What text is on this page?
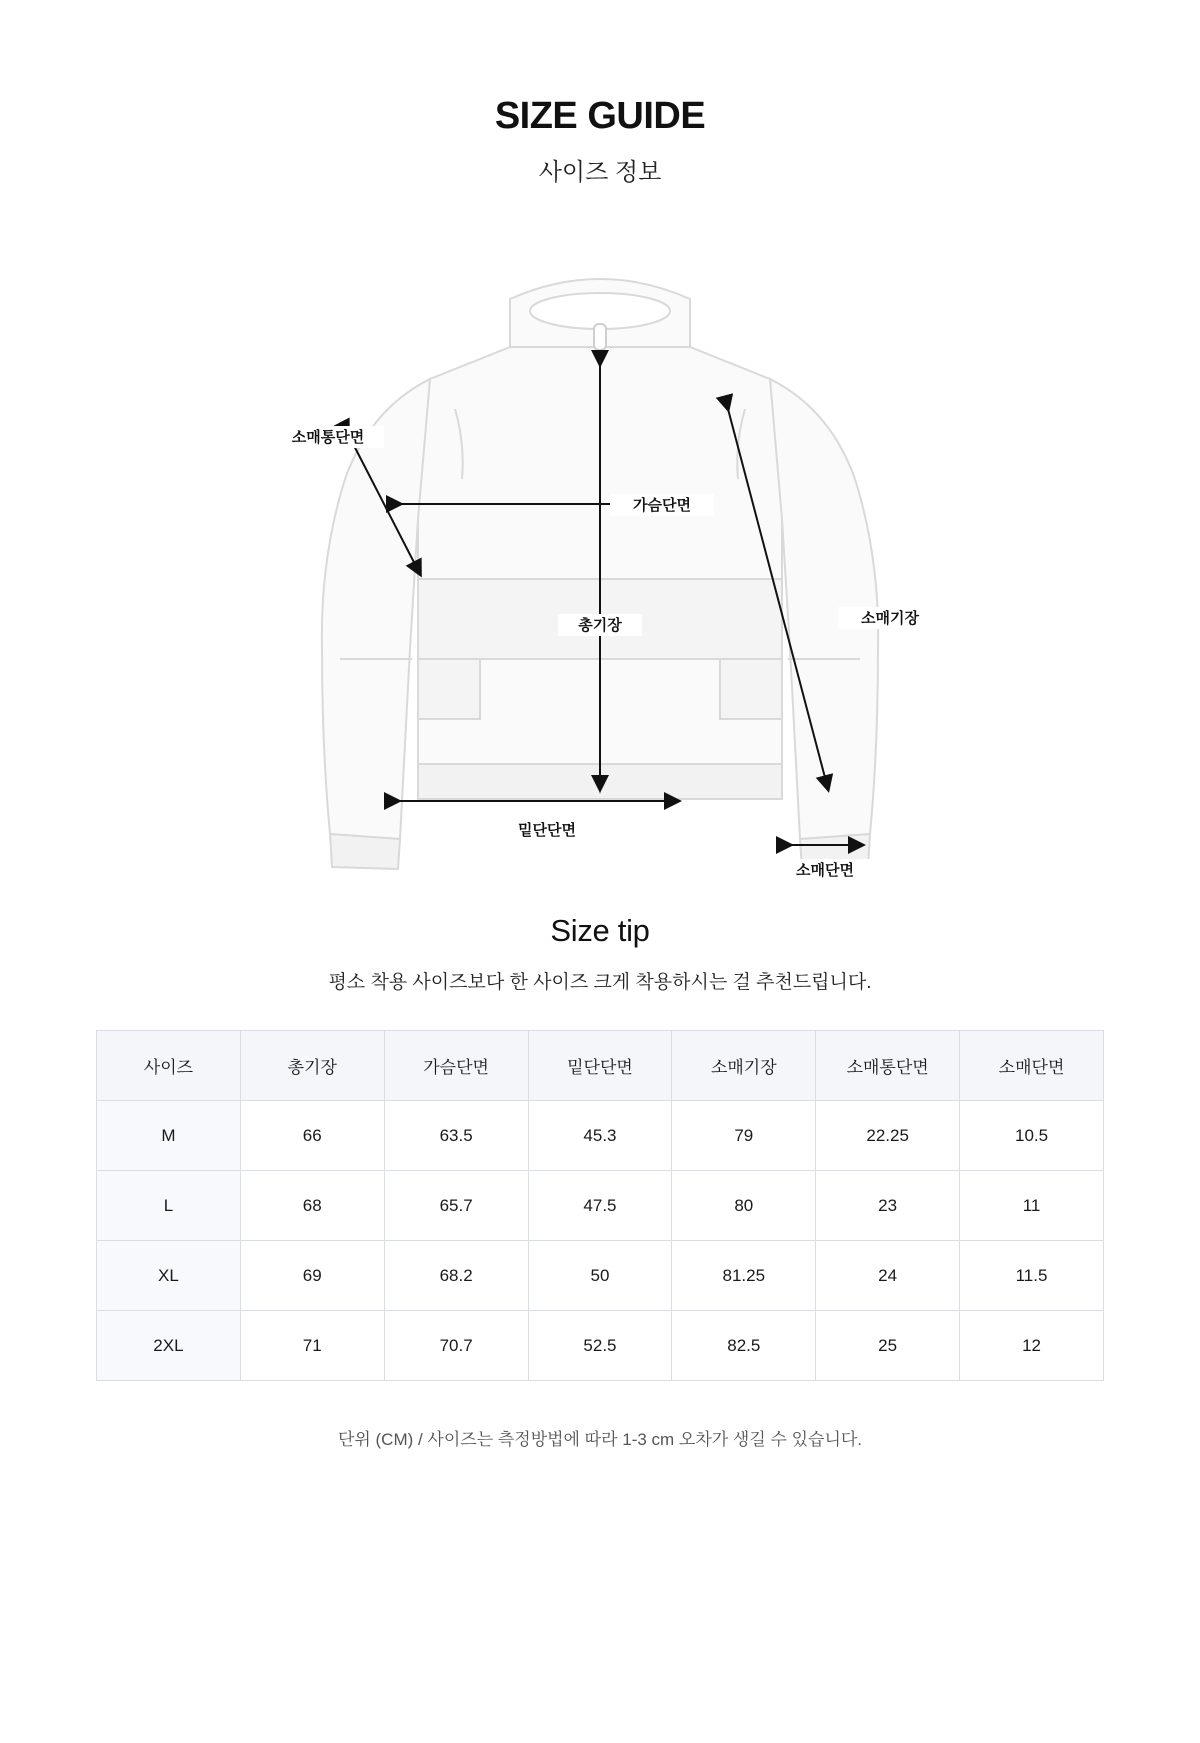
SIZE GUIDE
사이즈 정보
소매통단면
가슴단면
총기장	소매기장
밑단단면
소매단면
Size tip
평소 착용 사이즈보다 한 사이즈 크게 착용하시는 걸 추천드립니다.
사이즈	총기장	가슴단면	밑단단면	소매기장	소매통단면	소매단면
M	66	63.5	45.3	79	22.25	10.5
L	68	65.7	47.5	80	23	11
XL	69	68.2	50	81.25	24	11.5
2XL	71	70.7	52.5	82.5	25	12
단위 (CM) / 사이즈는 측정방법에 따라 1-3 cm 오차가 생길 수 있습니다.
